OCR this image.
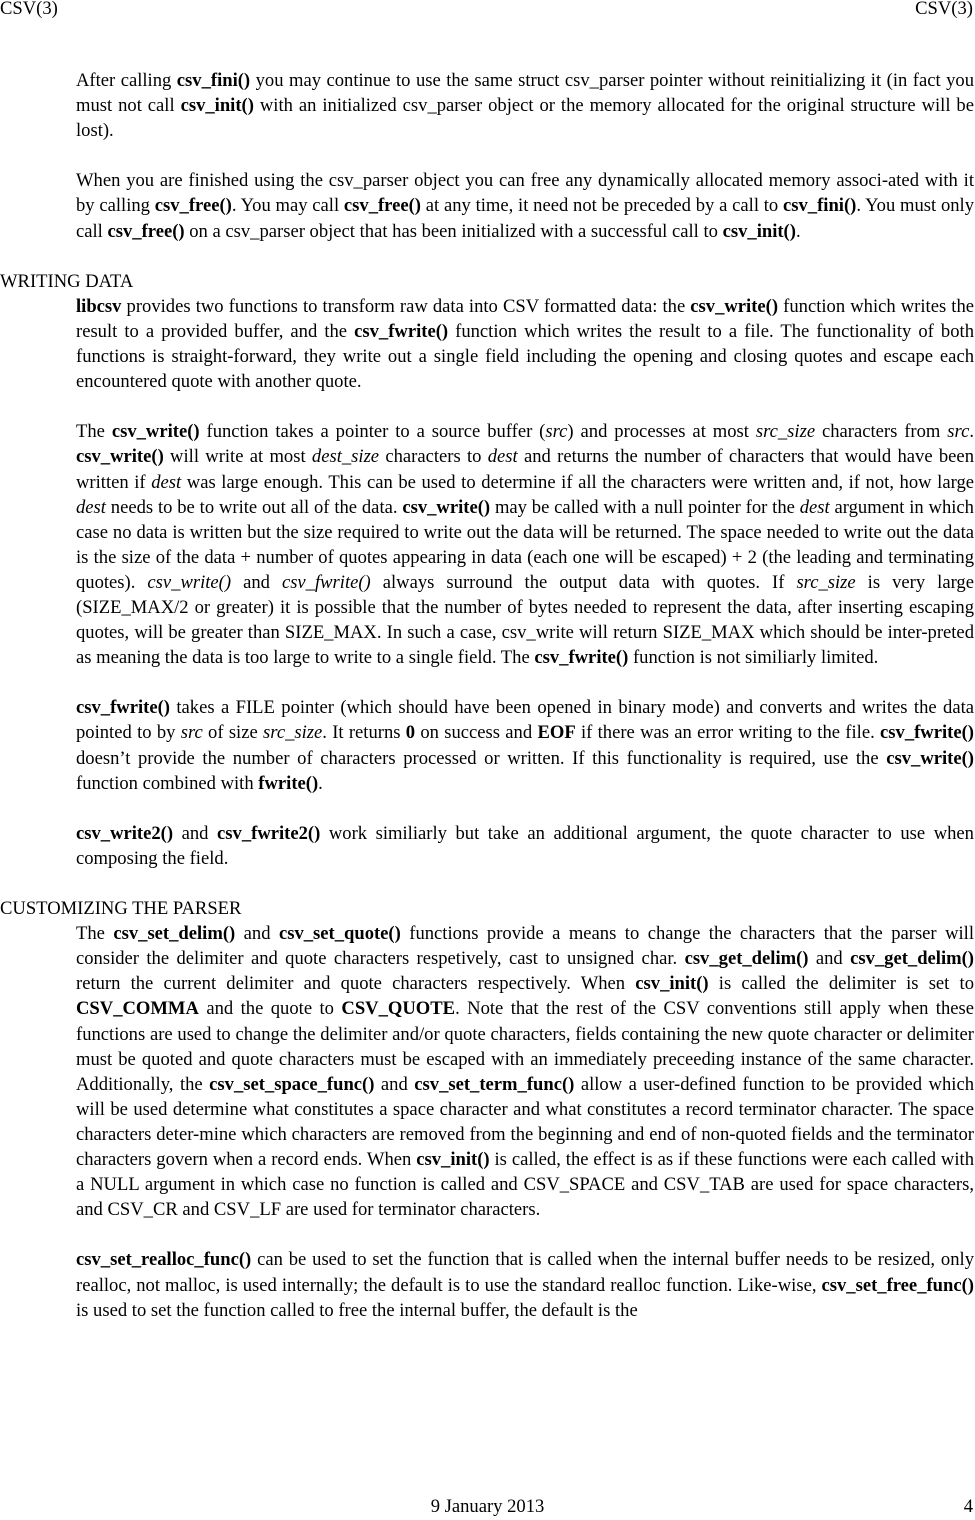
CSV(3)	CSV(3)

After calling csv_fini() you may continue to use the same struct csv_parser pointer without reinitializing it (in fact you must not call csv_init() with an initialized csv_parser object or the memory allocated for the original structure will be lost).

When you are finished using the csv_parser object you can free any dynamically allocated memory associ-ated with it by calling csv_free(). You may call csv_free() at any time, it need not be preceded by a call to csv_fini(). You must only call csv_free() on a csv_parser object that has been initialized with a successful call to csv_init().

WRITING DATA

libcsv provides two functions to transform raw data into CSV formatted data: the csv_write() function which writes the result to a provided buffer, and the csv_fwrite() function which writes the result to a file. The functionality of both functions is straight-forward, they write out a single field including the opening and closing quotes and escape each encountered quote with another quote.

The csv_write() function takes a pointer to a source buffer (src) and processes at most src_size characters from src. csv_write() will write at most dest_size characters to dest and returns the number of characters that would have been written if dest was large enough. This can be used to determine if all the characters were written and, if not, how large dest needs to be to write out all of the data. csv_write() may be called with a null pointer for the dest argument in which case no data is written but the size required to write out the data will be returned. The space needed to write out the data is the size of the data + number of quotes appearing in data (each one will be escaped) + 2 (the leading and terminating quotes). csv_write() and csv_fwrite() always surround the output data with quotes. If src_size is very large (SIZE_MAX/2 or greater) it is possible that the number of bytes needed to represent the data, after inserting escaping quotes, will be greater than SIZE_MAX. In such a case, csv_write will return SIZE_MAX which should be inter-preted as meaning the data is too large to write to a single field. The csv_fwrite() function is not similiarly limited.

csv_fwrite() takes a FILE pointer (which should have been opened in binary mode) and converts and writes the data pointed to by src of size src_size. It returns 0 on success and EOF if there was an error writing to the file. csv_fwrite() doesn’t provide the number of characters processed or written. If this functionality is required, use the csv_write() function combined with fwrite().

csv_write2() and csv_fwrite2() work similiarly but take an additional argument, the quote character to use when composing the field.

CUSTOMIZING THE PARSER

The csv_set_delim() and csv_set_quote() functions provide a means to change the characters that the parser will consider the delimiter and quote characters respetively, cast to unsigned char. csv_get_delim() and csv_get_delim() return the current delimiter and quote characters respectively. When csv_init() is called the delimiter is set to CSV_COMMA and the quote to CSV_QUOTE. Note that the rest of the CSV conventions still apply when these functions are used to change the delimiter and/or quote characters, fields containing the new quote character or delimiter must be quoted and quote characters must be escaped with an immediately preceeding instance of the same character. Additionally, the csv_set_space_func() and csv_set_term_func() allow a user-defined function to be provided which will be used determine what constitutes a space character and what constitutes a record terminator character. The space characters deter-mine which characters are removed from the beginning and end of non-quoted fields and the terminator characters govern when a record ends. When csv_init() is called, the effect is as if these functions were each called with a NULL argument in which case no function is called and CSV_SPACE and CSV_TAB are used for space characters, and CSV_CR and CSV_LF are used for terminator characters.

csv_set_realloc_func() can be used to set the function that is called when the internal buffer needs to be resized, only realloc, not malloc, is used internally; the default is to use the standard realloc function. Like-wise, csv_set_free_func() is used to set the function called to free the internal buffer, the default is the

9 January 2013	4
